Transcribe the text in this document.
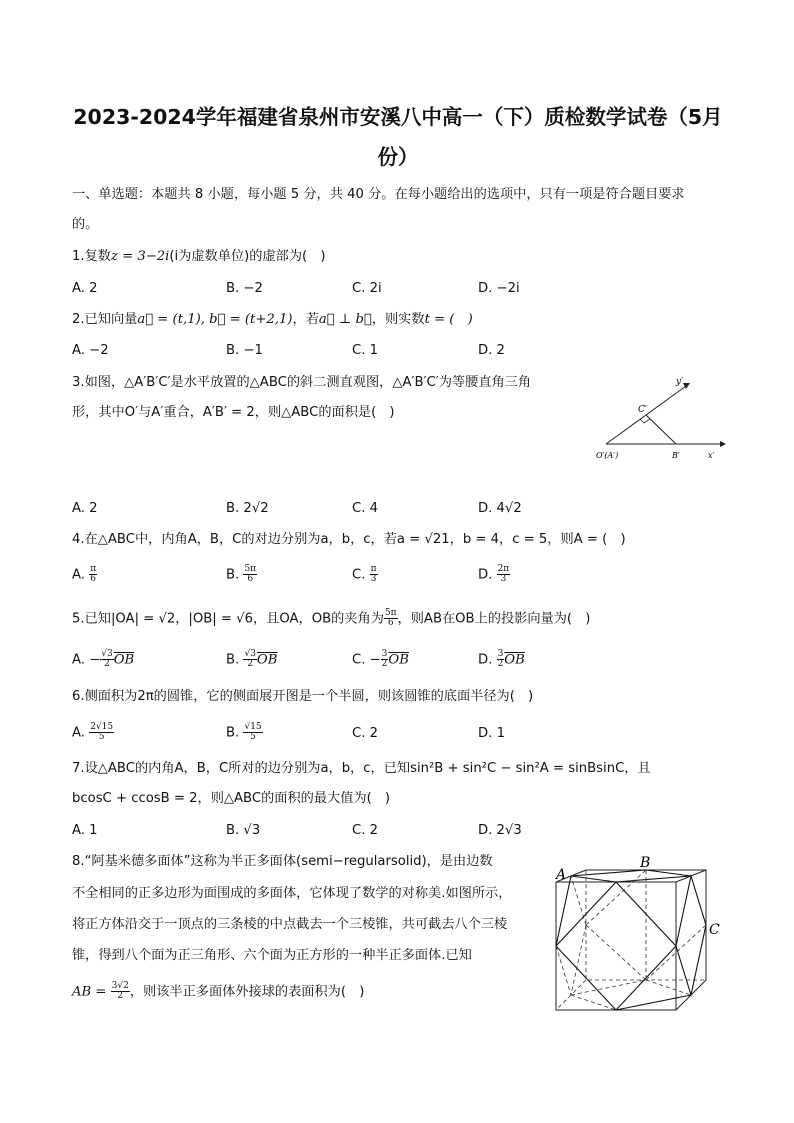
2023-2024学年福建省泉州市安溪八中高一（下）质检数学试卷（5月
份）
一、单选题：本题共 8 小题，每小题 5 分，共 40 分。在每小题给出的选项中，只有一项是符合题目要求
的。
1.复数z = 3−2i(i为虚数单位)的虚部为(　)
A. 2	B. −2	C. 2i	D. −2i
2.已知向量a⃗ = (t,1), b⃗ = (t+2,1)，若a⃗ ⊥ b⃗，则实数t = (　)
A. −2	B. −1	C. 1	D. 2
3.如图，△A′B′C′是水平放置的△ABC的斜二测直观图，△A′B′C′为等腰直角三角
形，其中O′与A′重合，A′B′ = 2，则△ABC的面积是(　)
y′
C′
O′(A′)	B′	x′
A. 2	B. 2√2	C. 4	D. 4√2
4.在△ABC中，内角A，B，C的对边分别为a，b，c，若a = √21，b = 4，c = 5，则A = (　)
A. $\frac{\pi}{6}$	B. $\frac{5\pi}{6}$	C. $\frac{\pi}{3}$	D. $\frac{2\pi}{3}$
5.已知|OA| = √2，|OB| = √6，且OA，OB的夹角为 $\frac{5\pi}{6}$ ，则AB在OB上的投影向量为(　)
A. − $\frac{√3}{2} \overline{OB}$	B. $\frac{√3}{2} \overline{OB}$	C. − $\frac{3}{2} \overline{OB}$	D. $\frac{3}{2} \overline{OB}$
6.侧面积为2π的圆锥，它的侧面展开图是一个半圆，则该圆锥的底面半径为(　)
A. $\frac{2√15}{5}$	B. $\frac{√15}{5}$	C. 2	D. 1
7.设△ABC的内角A，B，C所对的边分别为a，b，c，已知sin²B + sin²C − sin²A = sinBsinC，且
bcosC + ccosB = 2，则△ABC的面积的最大值为(　)
A. 1	B. √3	C. 2	D. 2√3
8.“阿基米德多面体”这称为半正多面体(semi−regularsolid)，是由边数
不全相同的正多边形为面围成的多面体，它体现了数学的对称美.如图所示，
将正方体沿交于一顶点的三条棱的中点截去一个三棱锥，共可截去八个三棱
锥，得到八个面为正三角形、六个面为正方形的一种半正多面体.已知
AB = $\frac{3√2}{2}$ ，则该半正多面体外接球的表面积为(　)
A
B
C
